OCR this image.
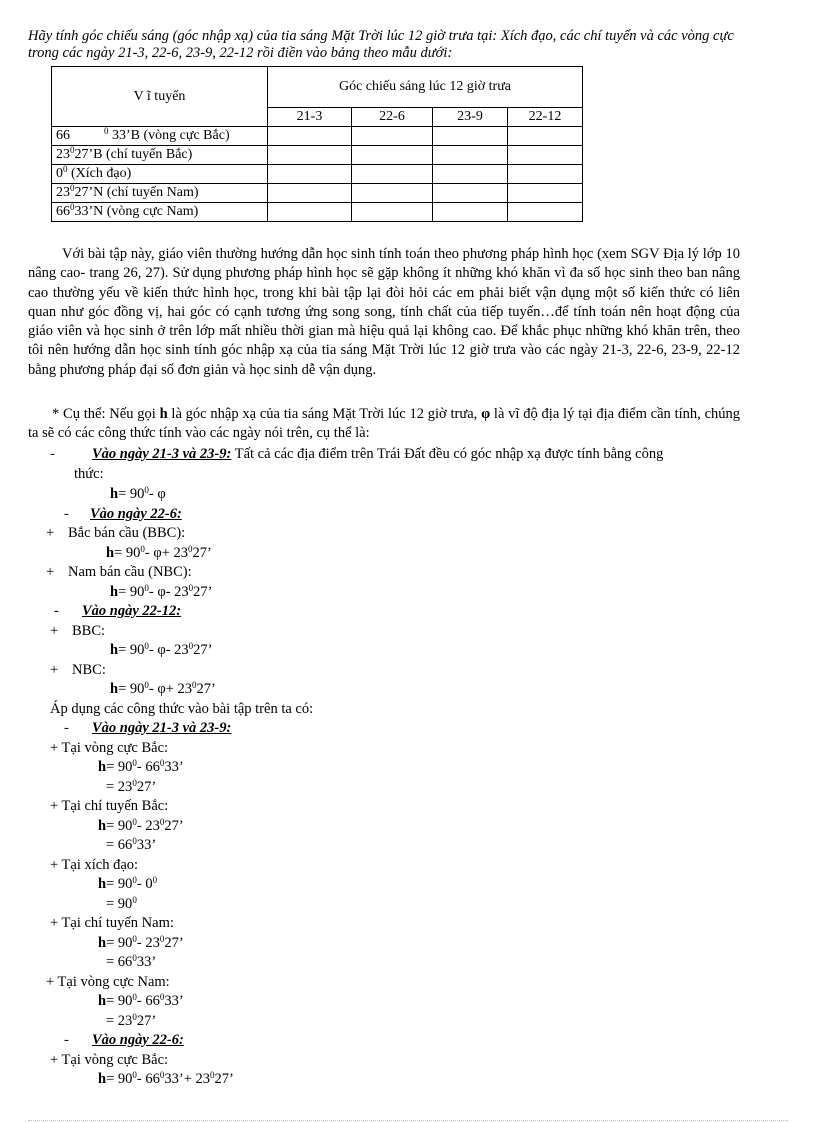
Hãy tính góc chiếu sáng (góc nhập xạ) của tia sáng Mặt Trời lúc 12 giờ trưa tại: Xích đạo, các chí tuyến và các vòng cực trong các ngày 21-3, 22-6, 23-9, 22-12 rồi điền vào bảng theo mẫu dưới:
V ĩ tuyến	Góc chiếu sáng lúc 12 giờ trưa			
	21-3	22-6	23-9	22-12
66 $^0$ 33’B (vòng cực Bắc)				
$23^027’B$ (chí tuyến Bắc)				
$0^0$ (Xích đạo)				
$23^027’N$ (chí tuyến Nam)				
$66^033’N$ (vòng cực Nam)				
Với bài tập này, giáo viên thường hướng dẫn học sinh tính toán theo phương pháp hình học (xem SGV Địa lý lớp 10 nâng cao- trang 26, 27). Sử dụng phương pháp hình học sẽ gặp không ít những khó khăn vì đa số học sinh theo ban nâng cao thường yếu về kiến thức hình học, trong khi bài tập lại đòi hỏi các em phải biết vận dụng một số kiến thức có liên quan như góc đồng vị, hai góc có cạnh tương ứng song song, tính chất của tiếp tuyến…để tính toán nên hoạt động của giáo viên và học sinh ở trên lớp mất nhiều thời gian mà hiệu quả lại không cao. Để khắc phục những khó khăn trên, theo tôi nên hướng dẫn học sinh tính góc nhập xạ của tia sáng Mặt Trời lúc 12 giờ trưa vào các ngày 21-3, 22-6, 23-9, 22-12 bằng phương pháp đại số đơn giản và học sinh dễ vận dụng.
* Cụ thể: Nếu gọi h là góc nhập xạ của tia sáng Mặt Trời lúc 12 giờ trưa, φ là vĩ độ địa lý tại địa điểm cần tính, chúng ta sẽ có các công thức tính vào các ngày nói trên, cụ thể là:
-	Vào ngày 21-3 và 23-9: Tất cả các địa điểm trên Trái Đất đều có góc nhập xạ được tính bằng công
thức:
$h= 90^0-$ φ
- Vào ngày 22-6:
+ Bắc bán cầu (BBC):
$h= 90^0-$ $\varphi+ 23^027$’
+ Nam bán cầu (NBC):
$h= 90^0-$ φ- $23^027$’
- Vào ngày 22-12:
+ BBC:
$h= 90^0-$ φ- $23^027$’
+ NBC:
$h= 90^0-$ $\varphi+ 23^027$’
Áp dụng các công thức vào bài tập trên ta có:
- Vào ngày 21-3 và 23-9:
+ Tại vòng cực Bắc:
$h= 90^0-$ $66^033$’
= $23^027$’
+ Tại chí tuyến Bắc:
$h= 90^0-$ $23^027$’
= $66^033$’
+ Tại xích đạo:
$h= 90^0-$ $0^0$
= $90^0$
+ Tại chí tuyến Nam:
$h= 90^0-$ $23^027$’
= $66^033$’
+ Tại vòng cực Nam:
$h= 90^0-$ $66^033$’
= $23^027$’
- Vào ngày 22-6:
+ Tại vòng cực Bắc:
$h= 90^0-$ $66^033’+ 23^027$’
